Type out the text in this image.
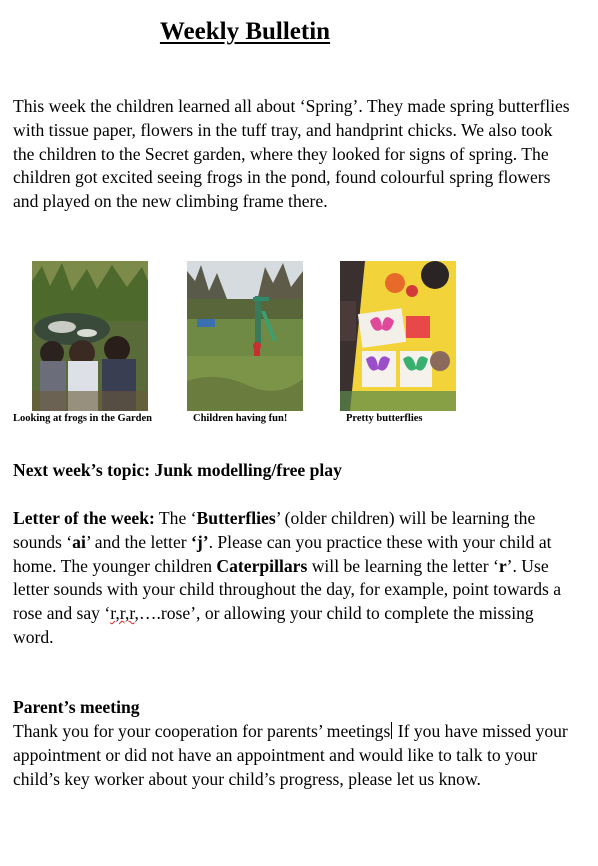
Weekly Bulletin

This week the children learned all about ‘Spring’. They made spring butterflies with tissue paper, flowers in the tuff tray, and handprint chicks. We also took the children to the Secret garden, where they looked for signs of spring. The children got excited seeing frogs in the pond, found colourful spring flowers and played on the new climbing frame there.

Looking at frogs in the Garden	Children having fun!	Pretty butterflies

Next week’s topic: Junk modelling/free play

Letter of the week: The ‘Butterflies’ (older children) will be learning the sounds ‘ai’ and the letter ‘j’. Please can you practice these with your child at home. The younger children Caterpillars will be learning the letter ‘r’. Use letter sounds with your child throughout the day, for example, point towards a rose and say ‘r,r,r,….rose’, or allowing your child to complete the missing word.

Parent’s meeting

Thank you for your cooperation for parents’ meetings If you have missed your appointment or did not have an appointment and would like to talk to your child’s key worker about your child’s progress, please let us know.
